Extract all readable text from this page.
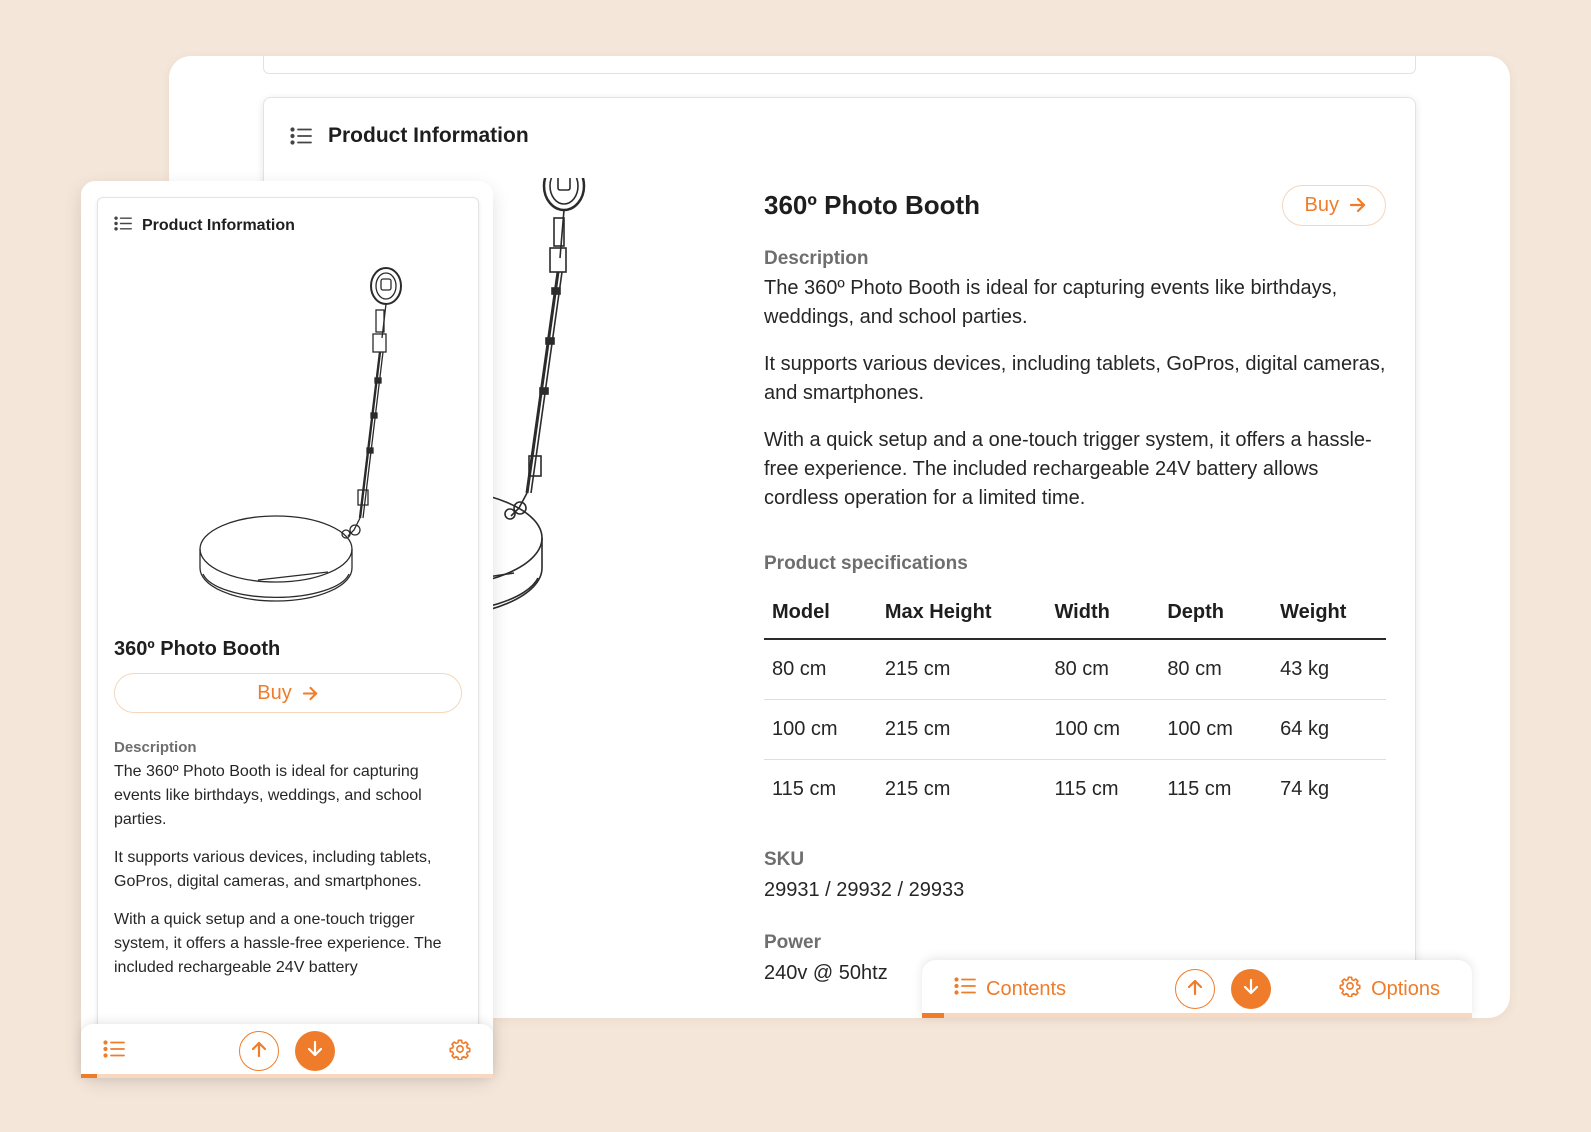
Product Information
360º Photo Booth	Buy
Description

The 360º Photo Booth is ideal for capturing events like birthdays, weddings, and school parties.

It supports various devices, including tablets, GoPros, digital cameras, and smartphones.

With a quick setup and a one-touch trigger system, it offers a hassle-free experience. The included rechargeable 24V battery allows cordless operation for a limited time.

Product specifications
Model	Max Height	Width	Depth	Weight
80 cm	215 cm	80 cm	80 cm	43 kg
100 cm	215 cm	100 cm	100 cm	64 kg
115 cm	215 cm	115 cm	115 cm	74 kg
SKU
29931 / 29932 / 29933
Power
240v @ 50htz
Contents	Options
Product Information
360º Photo Booth
Buy
Description

The 360º Photo Booth is ideal for capturing events like birthdays, weddings, and school parties.

It supports various devices, including tablets, GoPros, digital cameras, and smartphones.

With a quick setup and a one-touch trigger system, it offers a hassle-free experience. The included rechargeable 24V battery
